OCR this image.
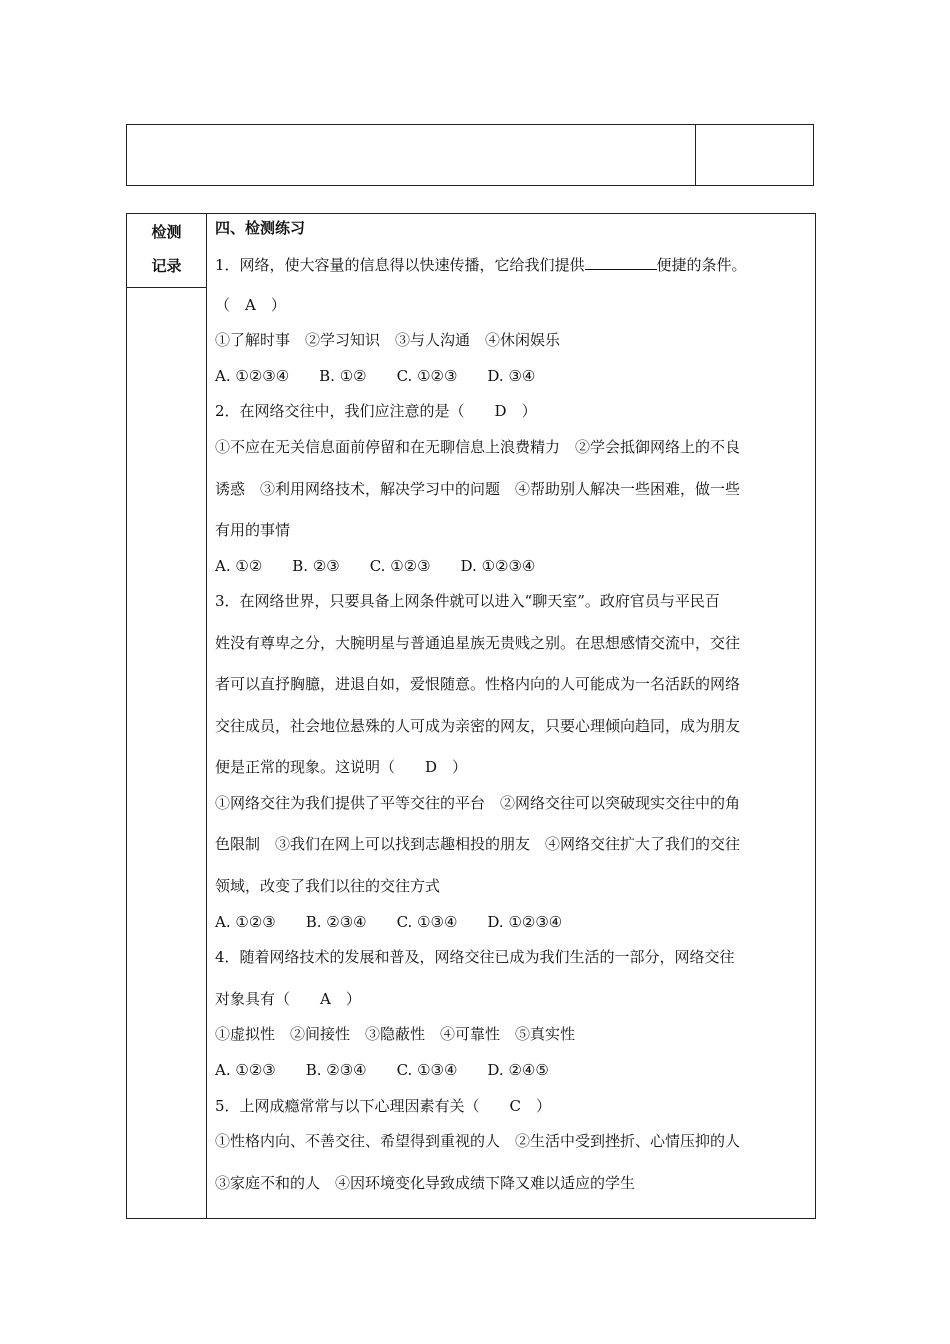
检测
记录
四、检测练习
1．网络，使大容量的信息得以快速传播，它给我们提供	便捷的条件。
（　A　）
①了解时事　②学习知识　③与人沟通　④休闲娱乐
A. ①②③④　　B. ①②　　C. ①②③　　D. ③④
2．在网络交往中，我们应注意的是（　　D　）
①不应在无关信息面前停留和在无聊信息上浪费精力　②学会抵御网络上的不良
诱惑　③利用网络技术，解决学习中的问题　④帮助别人解决一些困难，做一些
有用的事情
A. ①②　　B. ②③　　C. ①②③　　D. ①②③④
3．在网络世界，只要具备上网条件就可以进入“聊天室”。政府官员与平民百
姓没有尊卑之分，大腕明星与普通追星族无贵贱之别。在思想感情交流中，交往
者可以直抒胸臆，进退自如，爱恨随意。性格内向的人可能成为一名活跃的网络
交往成员，社会地位悬殊的人可成为亲密的网友，只要心理倾向趋同，成为朋友
便是正常的现象。这说明（　　D　）
①网络交往为我们提供了平等交往的平台　②网络交往可以突破现实交往中的角
色限制　③我们在网上可以找到志趣相投的朋友　④网络交往扩大了我们的交往
领域，改变了我们以往的交往方式
A. ①②③　　B. ②③④　　C. ①③④　　D. ①②③④
4．随着网络技术的发展和普及，网络交往已成为我们生活的一部分，网络交往
对象具有（　　A　）
①虚拟性　②间接性　③隐蔽性　④可靠性　⑤真实性
A. ①②③　　B. ②③④　　C. ①③④　　D. ②④⑤
5．上网成瘾常常与以下心理因素有关（　　C　）
①性格内向、不善交往、希望得到重视的人　②生活中受到挫折、心情压抑的人
③家庭不和的人　④因环境变化导致成绩下降又难以适应的学生
